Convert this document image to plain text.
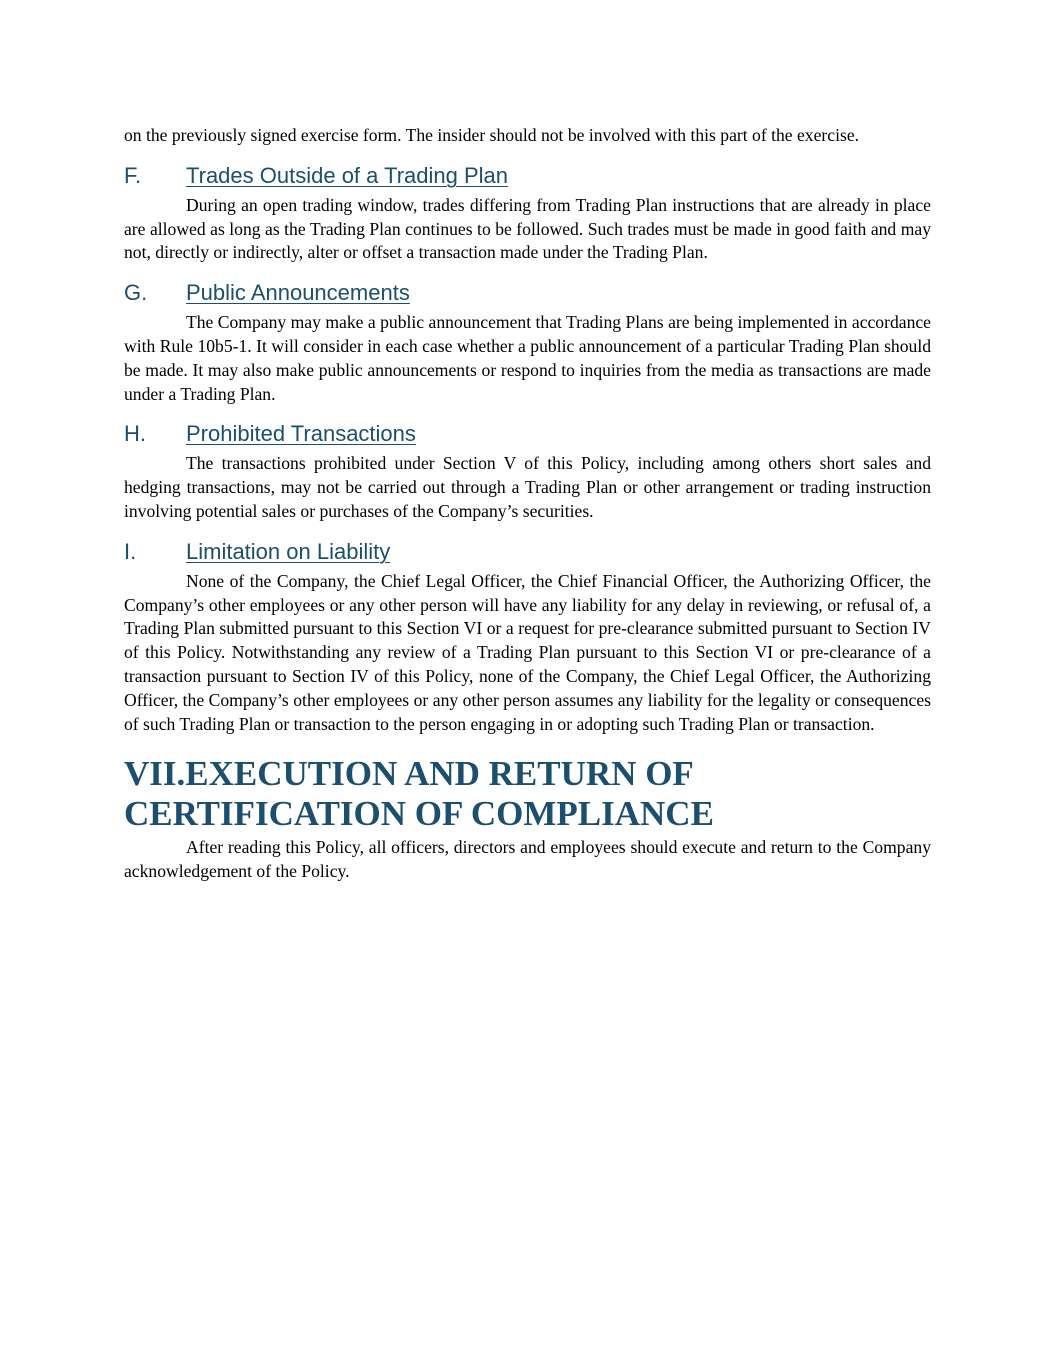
on the previously signed exercise form. The insider should not be involved with this part of the exercise.

F.	Trades Outside of a Trading Plan

During an open trading window, trades differing from Trading Plan instructions that are already in place are allowed as long as the Trading Plan continues to be followed. Such trades must be made in good faith and may not, directly or indirectly, alter or offset a transaction made under the Trading Plan.

G.	Public Announcements

The Company may make a public announcement that Trading Plans are being implemented in accordance with Rule 10b5-1. It will consider in each case whether a public announcement of a particular Trading Plan should be made. It may also make public announcements or respond to inquiries from the media as transactions are made under a Trading Plan.

H.	Prohibited Transactions

The transactions prohibited under Section V of this Policy, including among others short sales and hedging transactions, may not be carried out through a Trading Plan or other arrangement or trading instruction involving potential sales or purchases of the Company’s securities.

I.	Limitation on Liability

None of the Company, the Chief Legal Officer, the Chief Financial Officer, the Authorizing Officer, the Company’s other employees or any other person will have any liability for any delay in reviewing, or refusal of, a Trading Plan submitted pursuant to this Section VI or a request for pre-clearance submitted pursuant to Section IV of this Policy. Notwithstanding any review of a Trading Plan pursuant to this Section VI or pre-clearance of a transaction pursuant to Section IV of this Policy, none of the Company, the Chief Legal Officer, the Authorizing Officer, the Company’s other employees or any other person assumes any liability for the legality or consequences of such Trading Plan or transaction to the person engaging in or adopting such Trading Plan or transaction.

VII.EXECUTION AND RETURN OF
CERTIFICATION OF COMPLIANCE

After reading this Policy, all officers, directors and employees should execute and return to the Company acknowledgement of the Policy.
